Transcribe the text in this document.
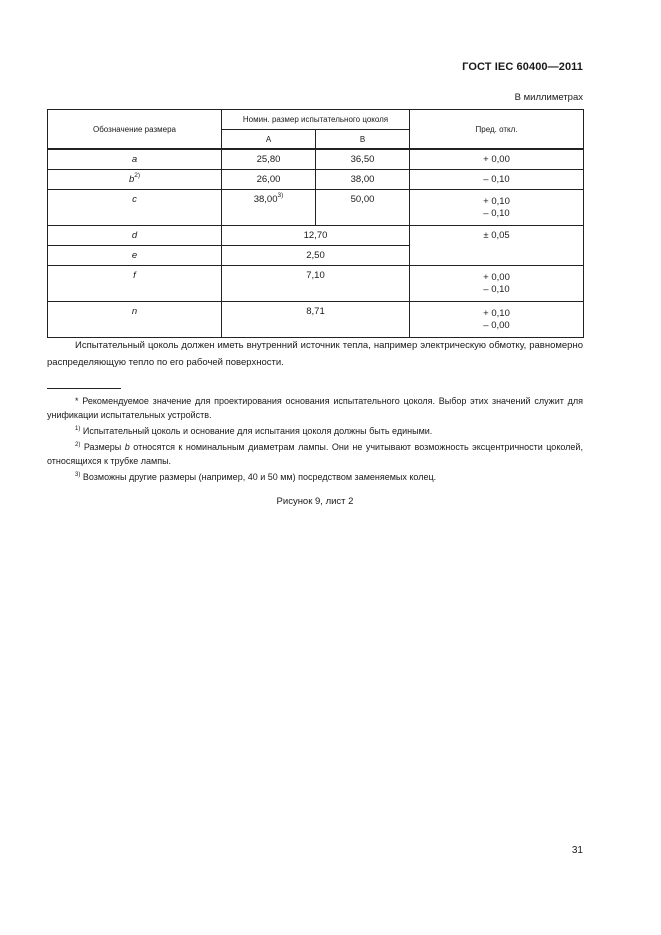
ГОСТ IEC 60400—2011
В миллиметрах
Обозначение размера	Номин. размер испытательного цоколя		Пред. откл.
	А	В	
a	25,80	36,50	+ 0,00
$b^{2)}$	26,00	38,00	– 0,10
c	38,00$^{3)}$	50,00	+ 0,10
– 0,10

d	12,70		± 0,05
e	2,50		
f	7,10		+ 0,00
– 0,10

n	8,71		+ 0,10
– 0,00
Испытательный цоколь должен иметь внутренний источник тепла, например электрическую обмотку, равномерно распределяющую тепло по его рабочей поверхности.
* Рекомендуемое значение для проектирования основания испытательного цоколя. Выбор этих значений служит для унификации испытательных устройств.
$^{1)}$ Испытательный цоколь и основание для испытания цоколя должны быть едиными.
$^{2)}$ Размеры b относятся к номинальным диаметрам лампы. Они не учитывают возможность эксцентричности цоколей, относящихся к трубке лампы.
$^{3)}$ Возможны другие размеры (например, 40 и 50 мм) посредством заменяемых колец.
Рисунок 9, лист 2
31
